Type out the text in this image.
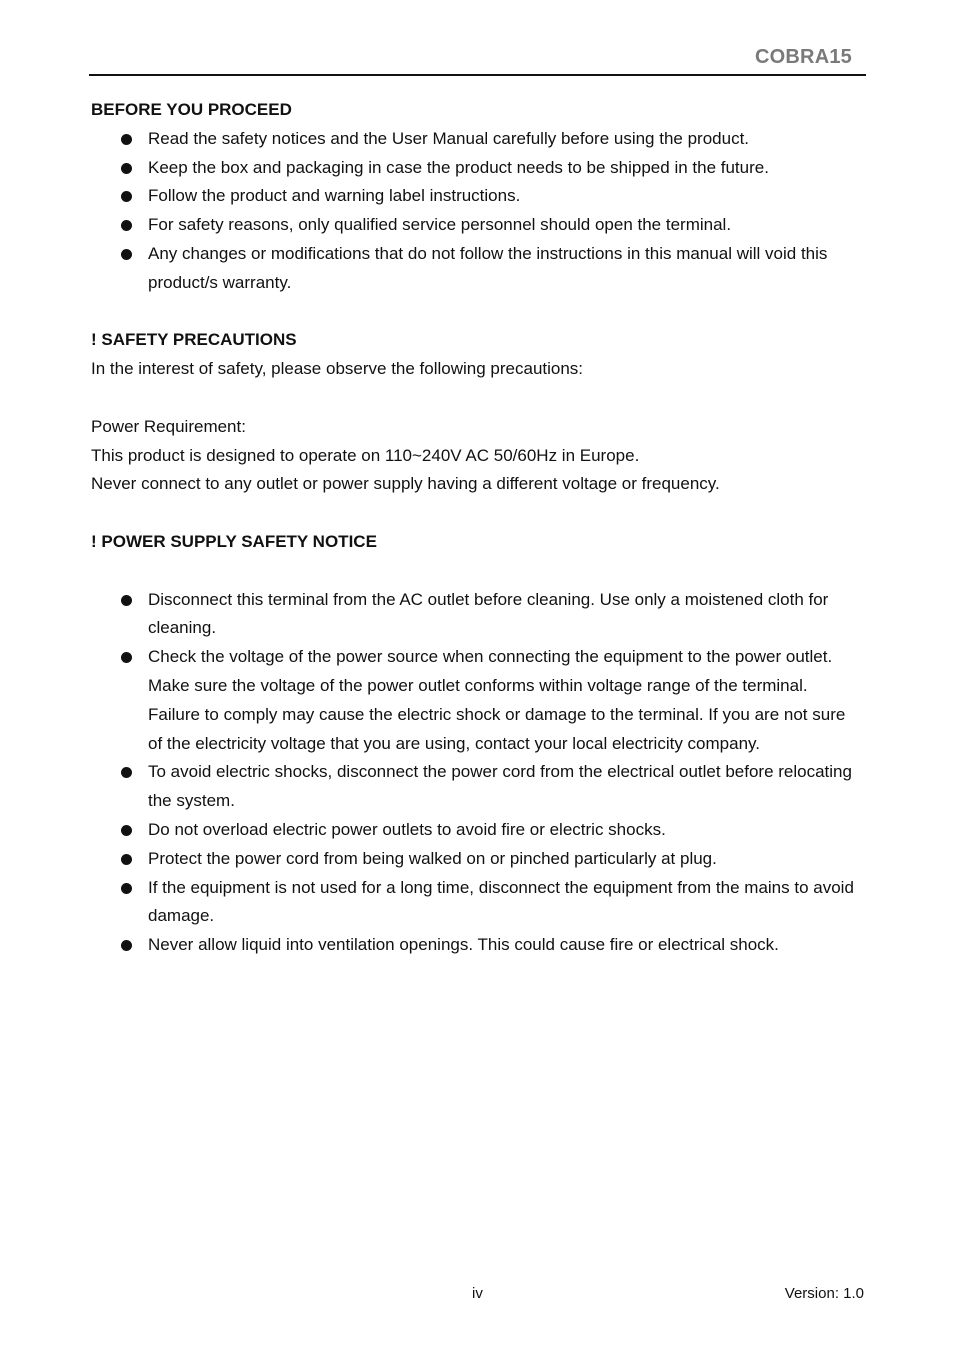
COBRA15

BEFORE YOU PROCEED

Read the safety notices and the User Manual carefully before using the product.
Keep the box and packaging in case the product needs to be shipped in the future.
Follow the product and warning label instructions.
For safety reasons, only qualified service personnel should open the terminal.
Any changes or modifications that do not follow the instructions in this manual will void this product/s warranty.

! SAFETY PRECAUTIONS

In the interest of safety, please observe the following precautions:

Power Requirement:

This product is designed to operate on 110~240V AC 50/60Hz in Europe.

Never connect to any outlet or power supply having a different voltage or frequency.

! POWER SUPPLY SAFETY NOTICE

Disconnect this terminal from the AC outlet before cleaning. Use only a moistened cloth for cleaning.
Check the voltage of the power source when connecting the equipment to the power outlet. Make sure the voltage of the power outlet conforms within voltage range of the terminal. Failure to comply may cause the electric shock or damage to the terminal. If you are not sure of the electricity voltage that you are using, contact your local electricity company.
To avoid electric shocks, disconnect the power cord from the electrical outlet before relocating the system.
Do not overload electric power outlets to avoid fire or electric shocks.
Protect the power cord from being walked on or pinched particularly at plug.
If the equipment is not used for a long time, disconnect the equipment from the mains to avoid damage.
Never allow liquid into ventilation openings. This could cause fire or electrical shock.
iv	Version: 1.0
